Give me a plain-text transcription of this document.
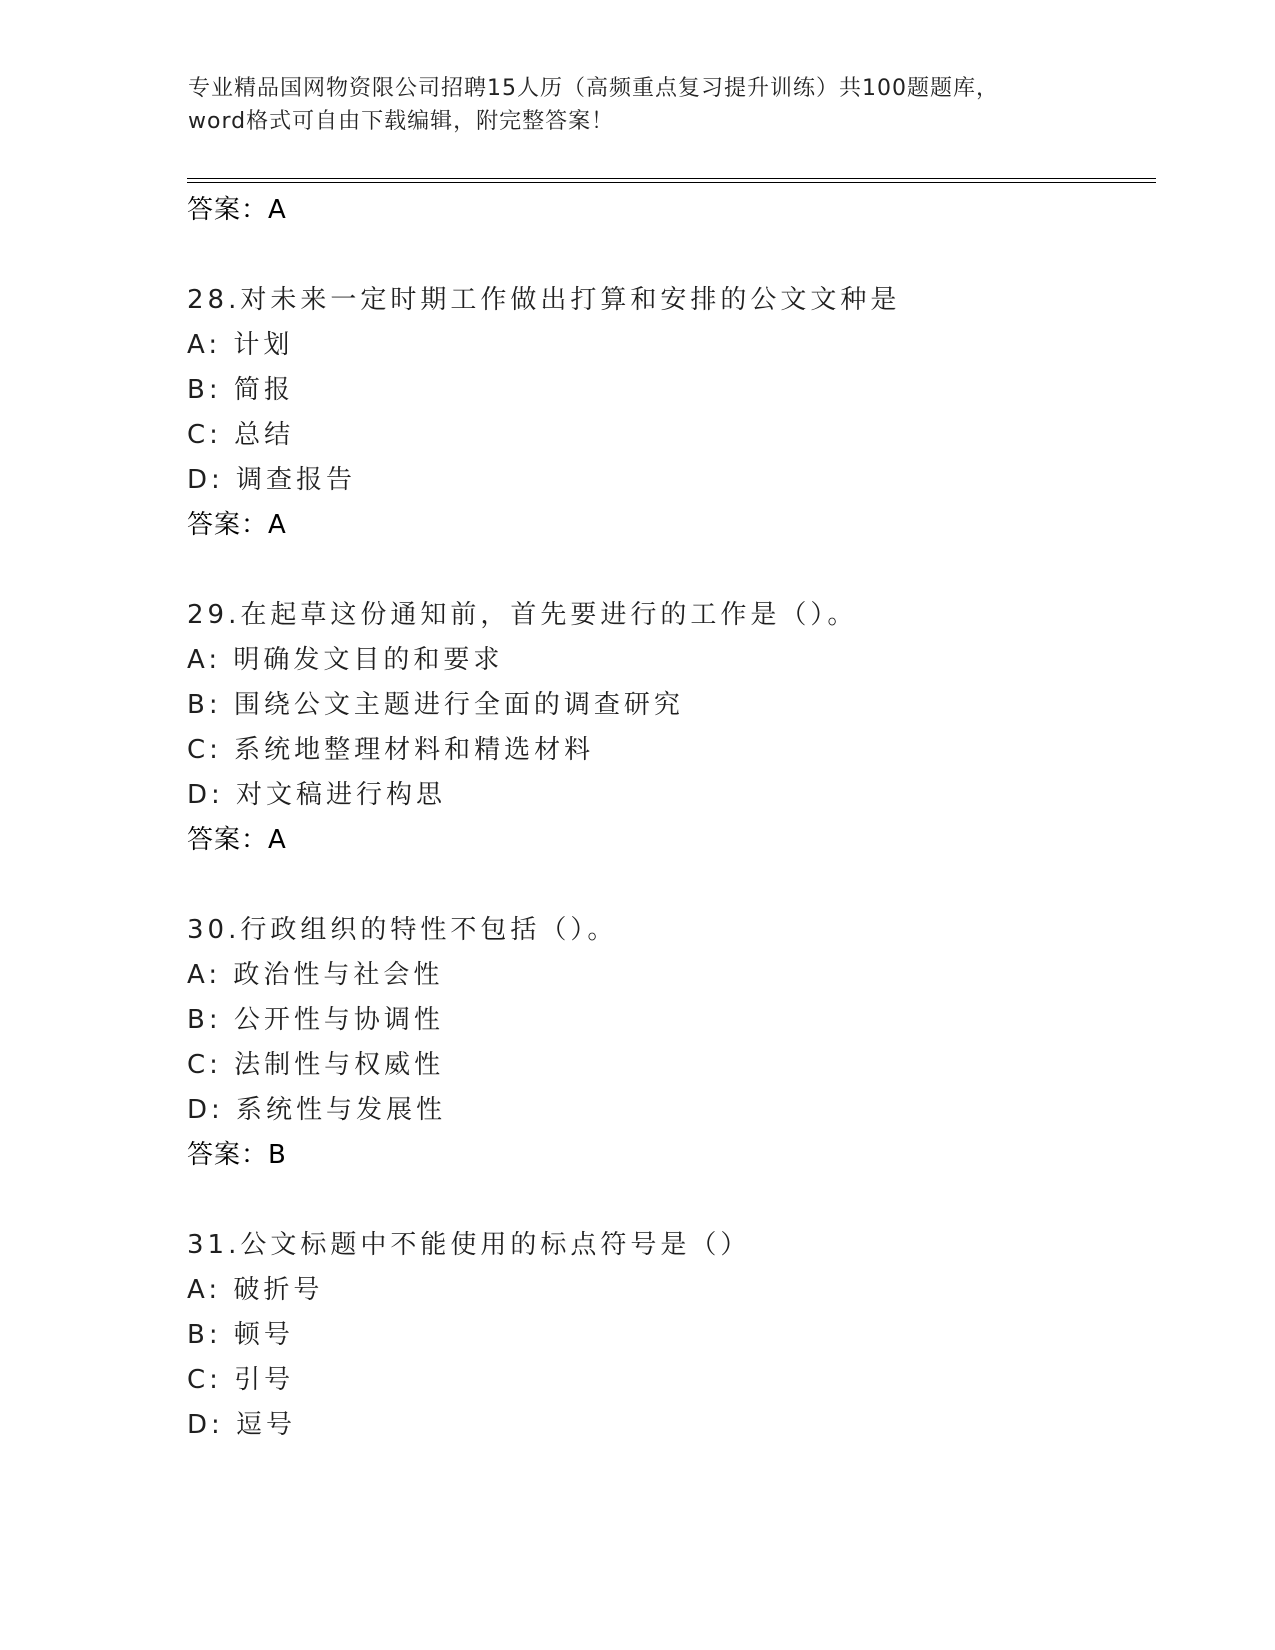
专业精品国网物资限公司招聘15人历（高频重点复习提升训练）共100题题库，word格式可自由下载编辑，附完整答案！
答案：A
28.对未来一定时期工作做出打算和安排的公文文种是
A: 计划
B: 简报
C: 总结
D: 调查报告
答案：A
29.在起草这份通知前，首先要进行的工作是（）。
A: 明确发文目的和要求
B: 围绕公文主题进行全面的调查研究
C: 系统地整理材料和精选材料
D: 对文稿进行构思
答案：A
30.行政组织的特性不包括（）。
A: 政治性与社会性
B: 公开性与协调性
C: 法制性与权威性
D: 系统性与发展性
答案：B
31.公文标题中不能使用的标点符号是（）
A: 破折号
B: 顿号
C: 引号
D: 逗号
